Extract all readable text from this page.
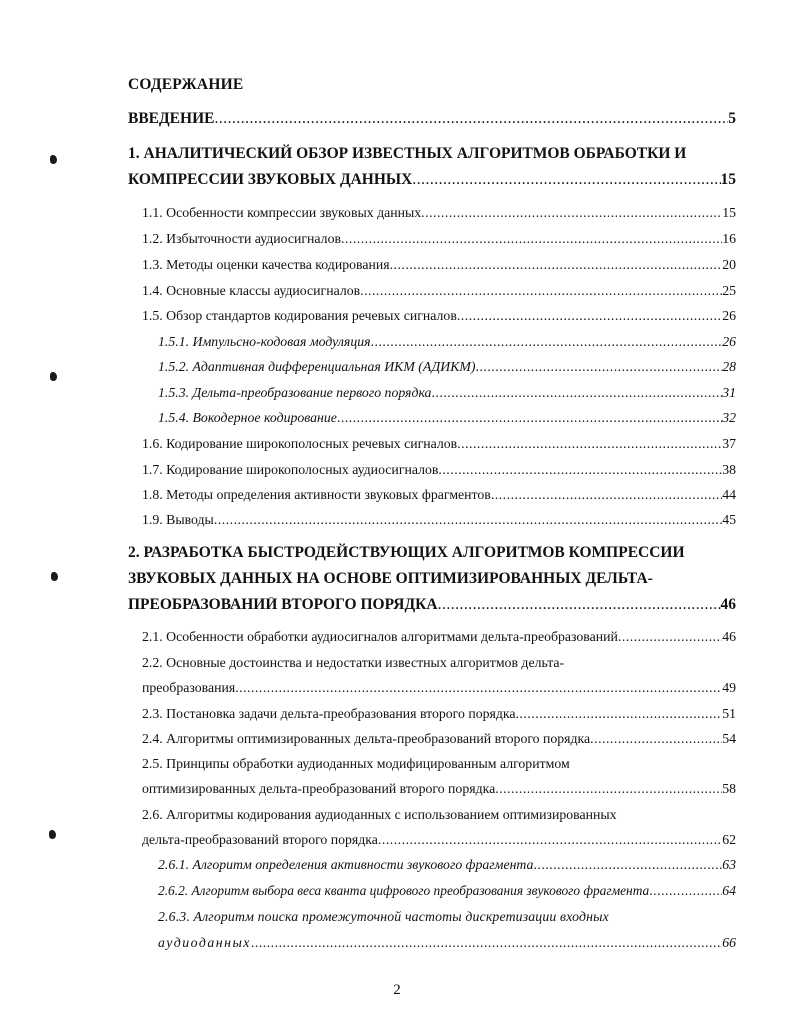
СОДЕРЖАНИЕ
ВВЕДЕНИЕ .....	5
1. АНАЛИТИЧЕСКИЙ ОБЗОР ИЗВЕСТНЫХ АЛГОРИТМОВ ОБРАБОТКИ И
КОМПРЕССИИ ЗВУКОВЫХ ДАННЫХ .....	15
1.1. Особенности компрессии звуковых данных .....	15
1.2. Избыточности аудиосигналов .....	16
1.3. Методы оценки качества кодирования .....	20
1.4. Основные классы аудиосигналов .....	25
1.5. Обзор стандартов кодирования речевых сигналов .....	26
1.5.1. Импульсно-кодовая модуляция .....	26
1.5.2. Адаптивная дифференциальная ИКМ (АДИКМ) .....	28
1.5.3. Дельта-преобразование первого порядка .....	31
1.5.4. Вокодерное кодирование .....	32
1.6. Кодирование широкополосных речевых сигналов .....	37
1.7. Кодирование широкополосных аудиосигналов .....	38
1.8. Методы определения активности звуковых фрагментов .....	44
1.9. Выводы .....	45
2. РАЗРАБОТКА БЫСТРОДЕЙСТВУЮЩИХ АЛГОРИТМОВ КОМПРЕССИИ
ЗВУКОВЫХ ДАННЫХ НА ОСНОВЕ ОПТИМИЗИРОВАННЫХ ДЕЛЬТА-
ПРЕОБРАЗОВАНИЙ ВТОРОГО ПОРЯДКА .....	46
2.1. Особенности обработки аудиосигналов алгоритмами дельта-преобразований .....	46
2.2. Основные достоинства и недостатки известных алгоритмов дельта-
преобразования .....	49
2.3. Постановка задачи дельта-преобразования второго порядка .....	51
2.4. Алгоритмы оптимизированных дельта-преобразований второго порядка .....	54
2.5. Принципы обработки аудиоданных модифицированным алгоритмом
оптимизированных дельта-преобразований второго порядка .....	58
2.6. Алгоритмы кодирования аудиоданных с использованием оптимизированных
дельта-преобразований второго порядка .....	62
2.6.1. Алгоритм определения активности звукового фрагмента .....	63
2.6.2. Алгоритм выбора веса кванта цифрового преобразования звукового фрагмента .....	64
2.6.3. Алгоритм поиска промежуточной частоты дискретизации входных
аудиоданных .....	66
2
